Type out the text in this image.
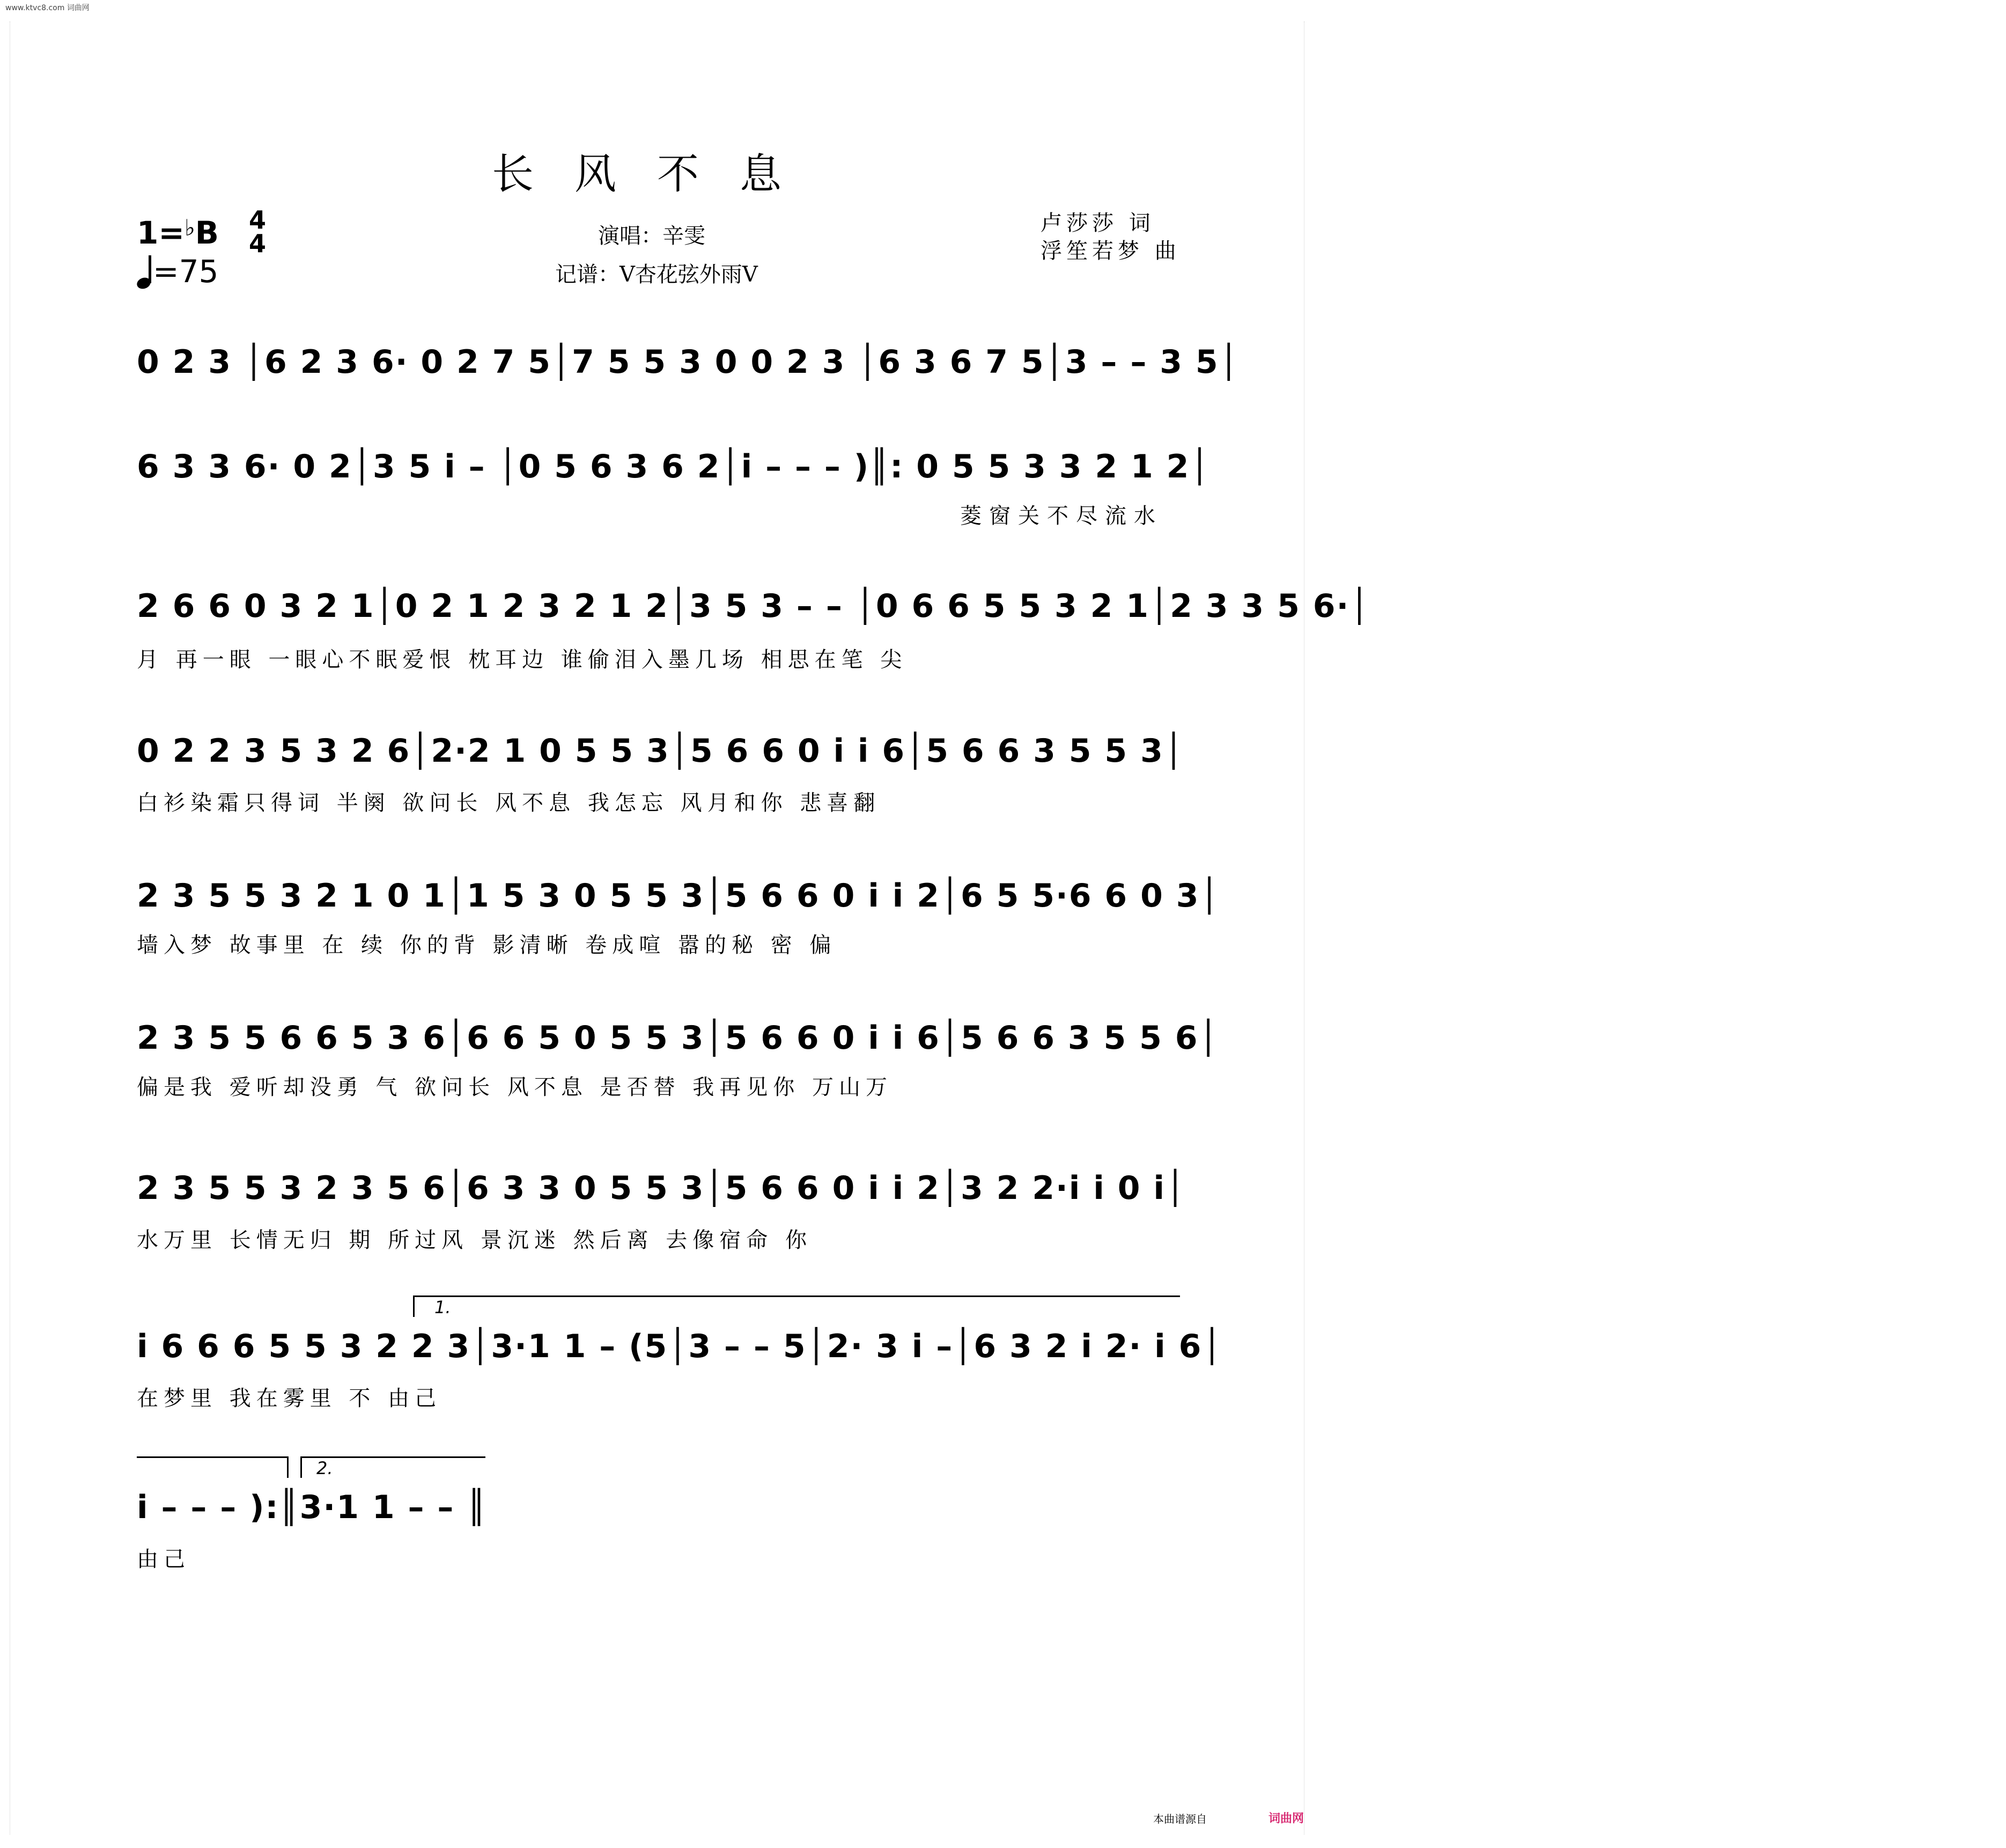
www.ktvc8.com 词曲网
长风不息
1=♭B 4
4
=75
演唱：辛雯
记谱：V杏花弦外雨V
卢莎莎 词
浮笙若梦 曲
0 2 3 │6 2 3 6· 0 2 7 5│7 5 5 3 0 0 2 3 │6 3 6 7 5│3 – – 3 5│
6 3 3 6· 0 2│3 5 i – │0 5 6 3 6 2│i – – – )║: 0 5 5 3 3 2 1 2│
菱窗关不尽流水
2 6 6 0 3 2 1│0 2 1 2 3 2 1 2│3 5 3 – – │0 6 6 5 5 3 2 1│2 3 3 5 6·│
月 再一眼 一眼心不眠爱恨 枕耳边 谁偷泪入墨几场 相思在笔 尖
0 2 2 3 5 3 2 6│2·2 1 0 5 5 3│5 6 6 0 i i 6│5 6 6 3 5 5 3│
白衫染霜只得词 半阕 欲问长 风不息 我怎忘 风月和你 悲喜翻
2 3 5 5 3 2 1 0 1│1 5 3 0 5 5 3│5 6 6 0 i i 2│6 5 5·6 6 0 3│
墙入梦 故事里 在 续 你的背 影清晰 卷成喧 嚣的秘 密 偏
2 3 5 5 6 6 5 3 6│6 6 5 0 5 5 3│5 6 6 0 i i 6│5 6 6 3 5 5 6│
偏是我 爱听却没勇 气 欲问长 风不息 是否替 我再见你 万山万
2 3 5 5 3 2 3 5 6│6 3 3 0 5 5 3│5 6 6 0 i i 2│3 2 2·i i 0 i│
水万里 长情无归 期 所过风 景沉迷 然后离 去像宿命 你
i 6 6 6 5 5 3 2 2 3│3·1 1 – (5│3 – – 5│2· 3 i –│6 3 2 i 2· i 6│
在梦里 我在雾里 不 由己
i – – – ):║3·1 1 – – ║
由己
1.
2.
本曲谱源自	词曲网
